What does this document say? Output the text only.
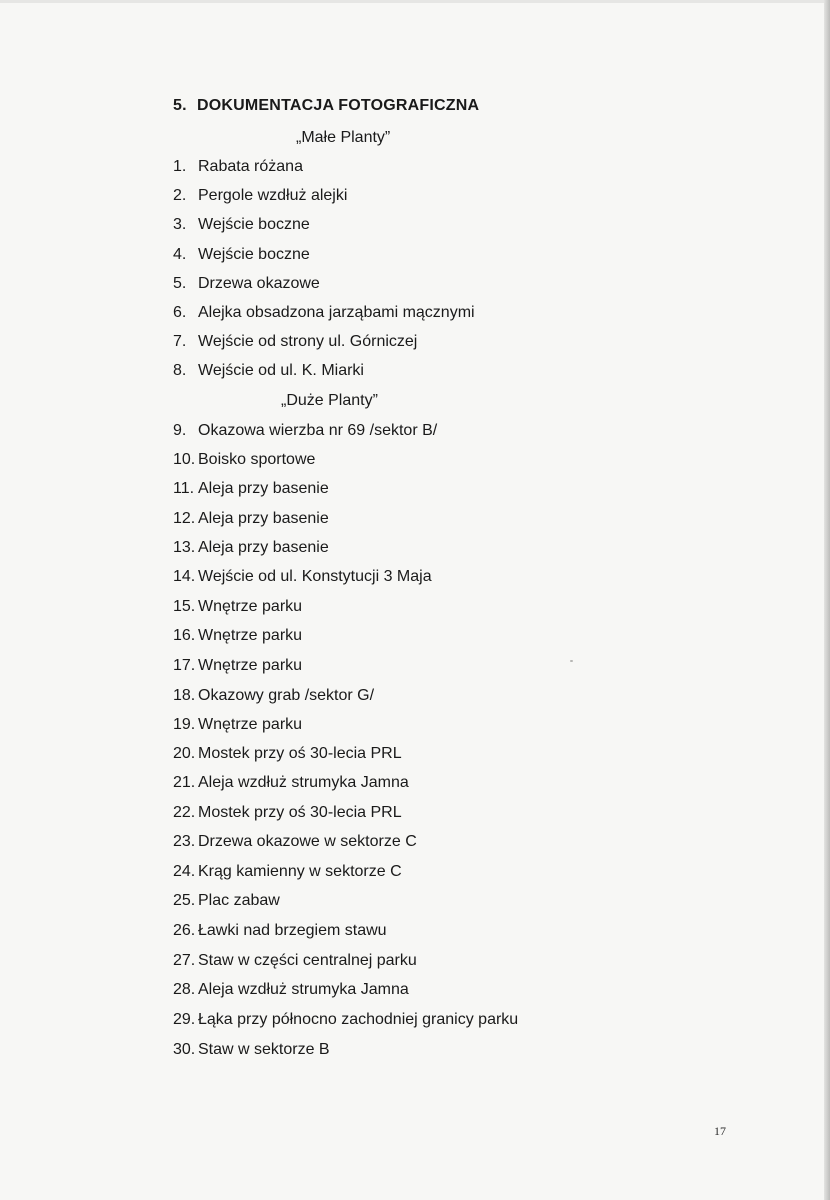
5. DOKUMENTACJA FOTOGRAFICZNA
„Małe Planty”
„Duże Planty”
1. Rabata różana
2. Pergole wzdłuż alejki
3. Wejście boczne
4. Wejście boczne
5. Drzewa okazowe
6. Alejka obsadzona jarząbami mącznymi
7. Wejście od strony ul. Górniczej
8. Wejście od ul. K. Miarki
9. Okazowa wierzba nr 69 /sektor B/
10. Boisko sportowe
11. Aleja przy basenie
12. Aleja przy basenie
13. Aleja przy basenie
14. Wejście od ul. Konstytucji 3 Maja
15. Wnętrze parku
16. Wnętrze parku
17. Wnętrze parku
18. Okazowy grab /sektor G/
19. Wnętrze parku
20. Mostek przy oś 30-lecia PRL
21. Aleja wzdłuż strumyka Jamna
22. Mostek przy oś 30-lecia PRL
23. Drzewa okazowe w sektorze C
24. Krąg kamienny w sektorze C
25. Plac zabaw
26. Ławki nad brzegiem stawu
27. Staw w części centralnej parku
28. Aleja wzdłuż strumyka Jamna
29. Łąka przy północno zachodniej granicy parku
30. Staw w sektorze B
17
